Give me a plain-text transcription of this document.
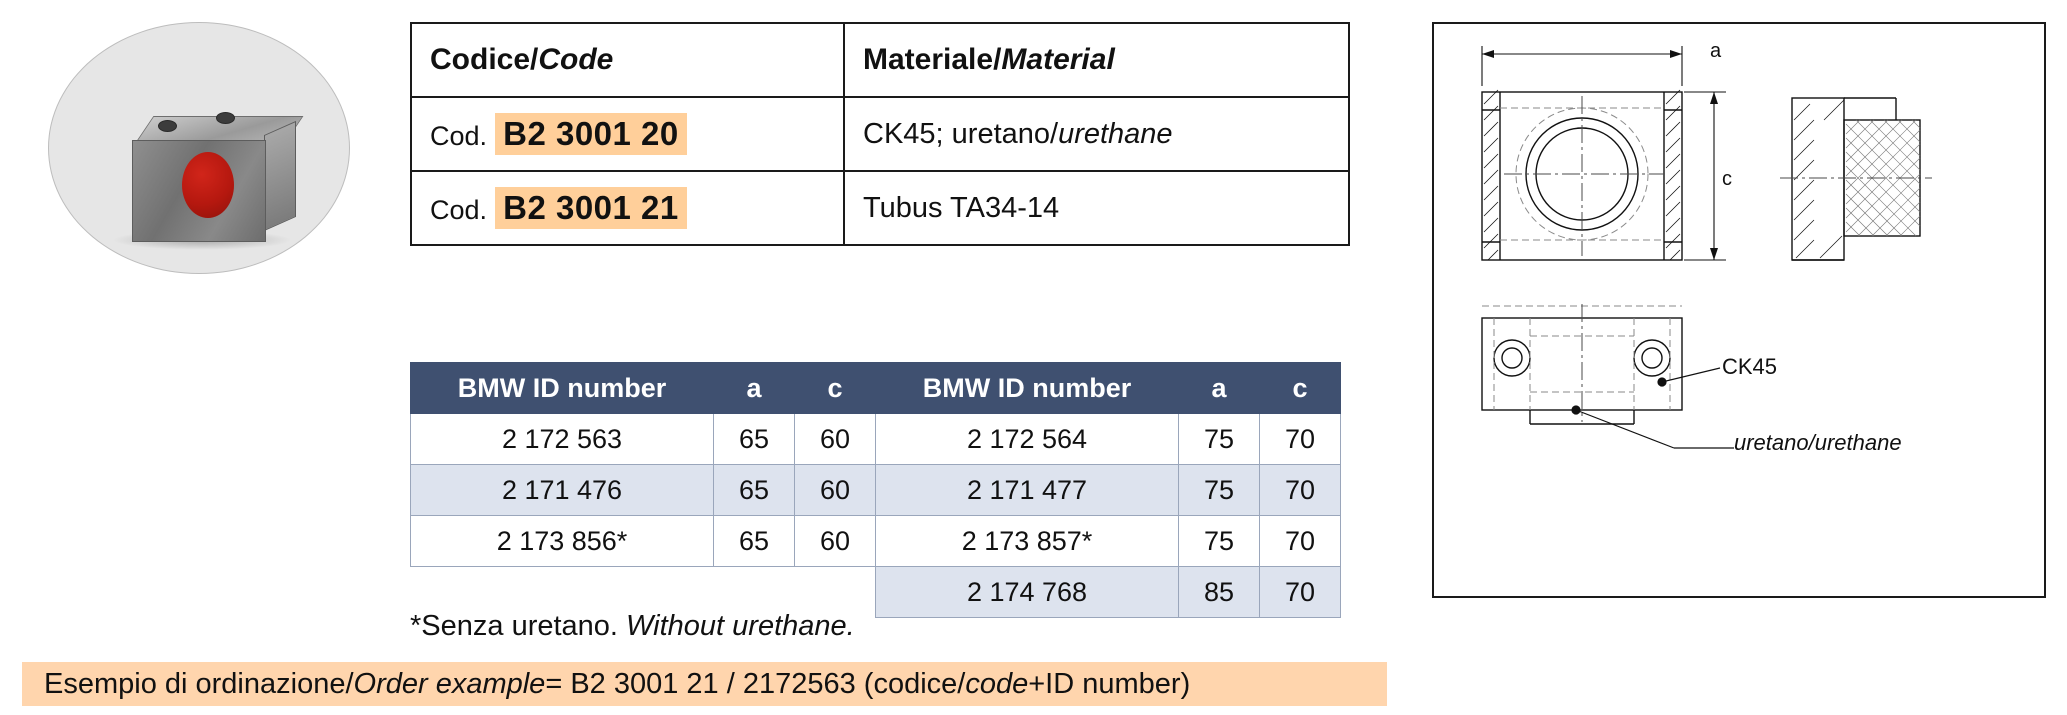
Codice/Code	Materiale/Material
Cod. B2 3001 20	CK45; uretano/urethane
Cod. B2 3001 21	Tubus TA34-14
BMW ID number	a	c	BMW ID number	a	c
2 172 563	65	60	2 172 564	75	70
2 171 476	65	60	2 171 477	75	70
2 173 856*	65	60	2 173 857*	75	70
			2 174 768	85	70
*Senza uretano. Without urethane.
Esempio di ordinazione/ Order example = B2 3001 21 / 2172563 (codice/ code +ID number)
a
c
CK45
uretano/urethane
